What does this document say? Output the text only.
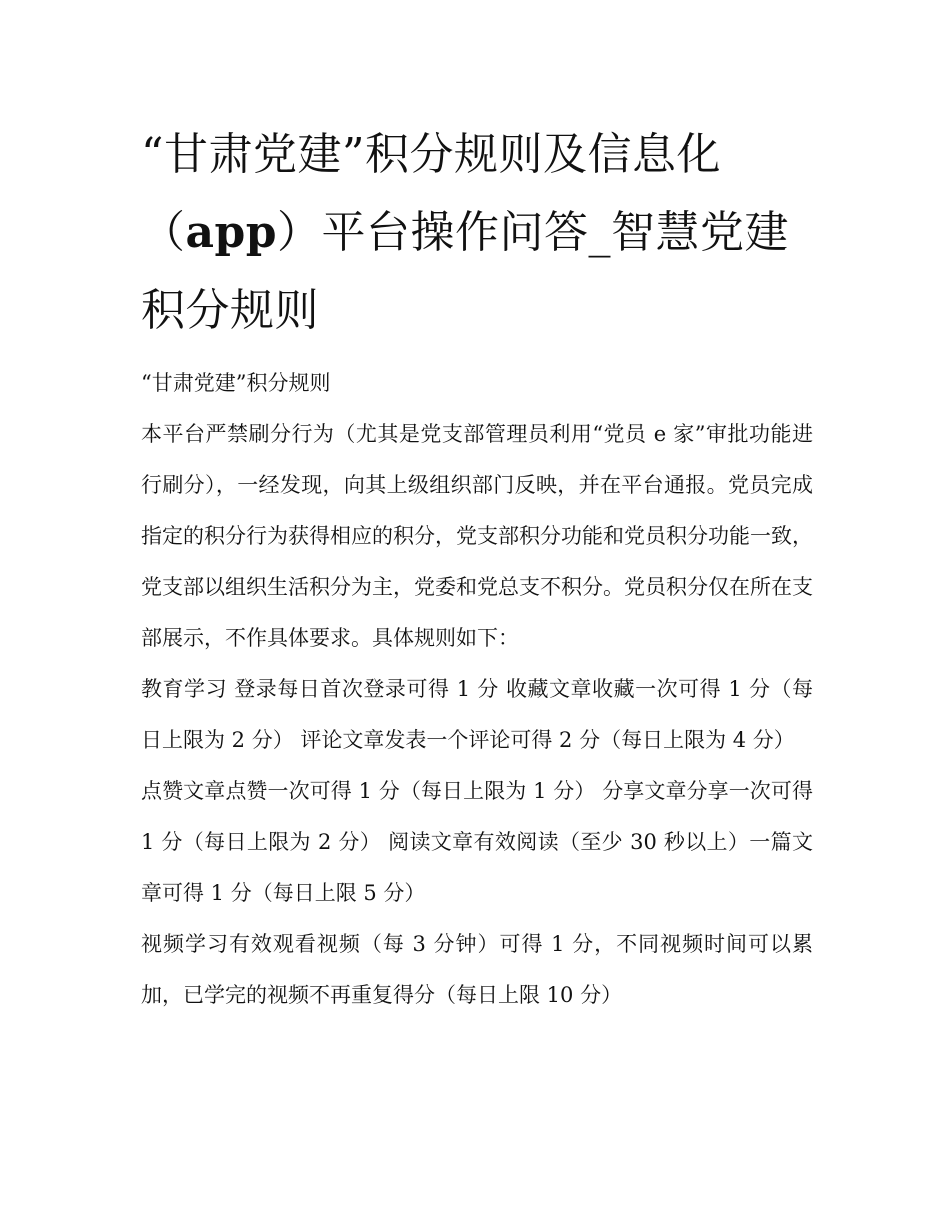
“甘肃党建”积分规则及信息化（app）平台操作问答_智慧党建积分规则

“甘肃党建”积分规则

本平台严禁刷分行为（尤其是党支部管理员利用“党员 e 家”审批功能进行刷分），一经发现，向其上级组织部门反映，并在平台通报。党员完成指定的积分行为获得相应的积分，党支部积分功能和党员积分功能一致，党支部以组织生活积分为主，党委和党总支不积分。党员积分仅在所在支部展示，不作具体要求。具体规则如下：

教育学习 登录每日首次登录可得 1 分 收藏文章收藏一次可得 1 分（每日上限为 2 分） 评论文章发表一个评论可得 2 分（每日上限为 4 分）

点赞文章点赞一次可得 1 分（每日上限为 1 分） 分享文章分享一次可得 1 分（每日上限为 2 分） 阅读文章有效阅读（至少 30 秒以上）一篇文章可得 1 分（每日上限 5 分）

视频学习有效观看视频（每 3 分钟）可得 1 分，不同视频时间可以累加，已学完的视频不再重复得分（每日上限 10 分）
